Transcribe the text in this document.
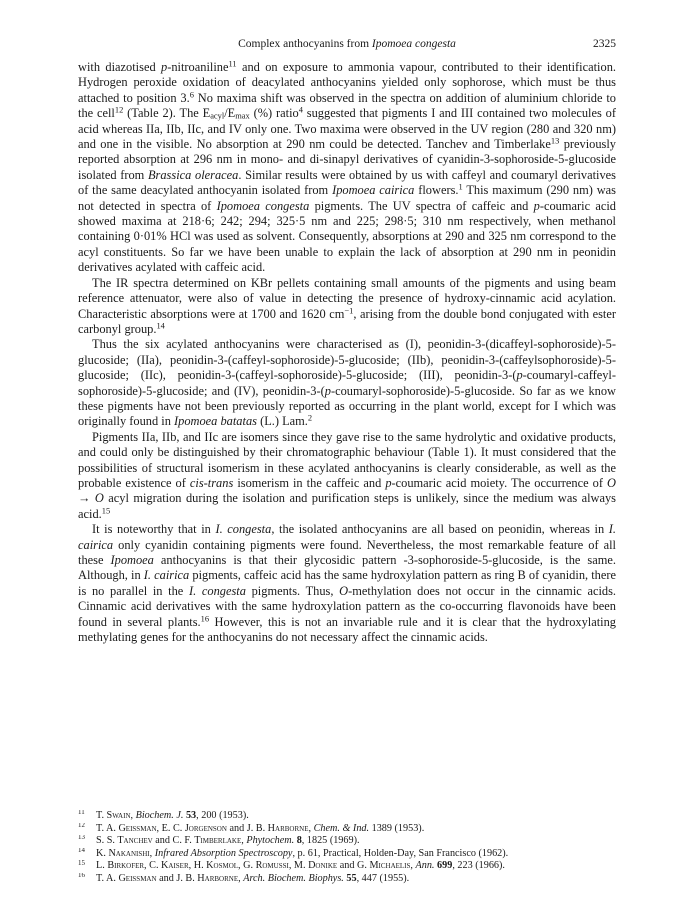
Complex anthocyanins from Ipomoea congesta	2325

with diazotised p-nitroaniline$^{11}$ and on exposure to ammonia vapour, contributed to their identification. Hydrogen peroxide oxidation of deacylated anthocyanins yielded only sophorose, which must be thus attached to position 3.$^6$ No maxima shift was observed in the spectra on addition of aluminium chloride to the cell$^{12}$ (Table 2). The $E_{acyl}/E_{max}$ (%) ratio$^4$ suggested that pigments I and III contained two molecules of acid whereas IIa, IIb, IIc, and IV only one. Two maxima were observed in the UV region (280 and 320 nm) and one in the visible. No absorption at 290 nm could be detected. Tanchev and Timberlake$^{13}$ previously reported absorption at 296 nm in mono- and di-sinapyl derivatives of cyanidin-3-sophoroside-5-glucoside isolated from Brassica oleracea. Similar results were obtained by us with caffeyl and coumaryl derivatives of the same deacylated anthocyanin isolated from Ipomoea cairica flowers.$^1$ This maximum (290 nm) was not detected in spectra of Ipomoea congesta pigments. The UV spectra of caffeic and p-coumaric acid showed maxima at 218·6; 242; 294; 325·5 nm and 225; 298·5; 310 nm respectively, when methanol containing 0·01% HCl was used as solvent. Consequently, absorptions at 290 and 325 nm correspond to the acyl constituents. So far we have been unable to explain the lack of absorption at 290 nm in peonidin derivatives acylated with caffeic acid.

The IR spectra determined on KBr pellets containing small amounts of the pigments and using beam reference attenuator, were also of value in detecting the presence of hydroxy-cinnamic acid acylation. Characteristic absorptions were at 1700 and 1620 $cm^{-1}$, arising from the double bond conjugated with ester carbonyl group.$^{14}$

Thus the six acylated anthocyanins were characterised as (I), peonidin-3-(dicaffeyl-sophoroside)-5-glucoside; (IIa), peonidin-3-(caffeyl-sophoroside)-5-glucoside; (IIb), peonidin-3-(caffeylsophoroside)-5-glucoside; (IIc), peonidin-3-(caffeyl-sophoroside)-5-glucoside; (III), peonidin-3-(p-coumaryl-caffeyl-sophoroside)-5-glucoside; and (IV), peonidin-3-(p-coumaryl-sophoroside)-5-glucoside. So far as we know these pigments have not been previously reported as occurring in the plant world, except for I which was originally found in Ipomoea batatas (L.) Lam.$^2$

Pigments IIa, IIb, and IIc are isomers since they gave rise to the same hydrolytic and oxidative products, and could only be distinguished by their chromatographic behaviour (Table 1). It must considered that the possibilities of structural isomerism in these acylated anthocyanins is clearly considerable, as well as the probable existence of cis-trans isomerism in the caffeic and p-coumaric acid moiety. The occurrence of O → O acyl migration during the isolation and purification steps is unlikely, since the medium was always acid.$^{15}$

It is noteworthy that in I. congesta, the isolated anthocyanins are all based on peonidin, whereas in I. cairica only cyanidin containing pigments were found. Nevertheless, the most remarkable feature of all these Ipomoea anthocyanins is that their glycosidic pattern -3-sophoroside-5-glucoside, is the same. Although, in I. cairica pigments, caffeic acid has the same hydroxylation pattern as ring B of cyanidin, there is no parallel in the I. congesta pigments. Thus, O-methylation does not occur in the cinnamic acids. Cinnamic acid derivatives with the same hydroxylation pattern as the co-occurring flavonoids have been found in several plants.$^{16}$ However, this is not an invariable rule and it is clear that the hydroxylating methylating genes for the anthocyanins do not necessary affect the cinnamic acids.

$^{11}$ T. Swain, Biochem. J. 53, 200 (1953).
$^{12}$ T. A. Geissman, E. C. Jorgenson and J. B. Harborne, Chem. & Ind. 1389 (1953).
$^{13}$ S. S. Tanchev and C. F. Timberlake, Phytochem. 8, 1825 (1969).
$^{14}$ K. Nakanishi, Infrared Absorption Spectroscopy, p. 61, Practical, Holden-Day, San Francisco (1962).
$^{15}$ L. Birkofer, C. Kaiser, H. Kosmol, G. Romussi, M. Donike and G. Michaelis, Ann. 699, 223 (1966).
$^{16}$ T. A. Geissman and J. B. Harborne, Arch. Biochem. Biophys. 55, 447 (1955).
